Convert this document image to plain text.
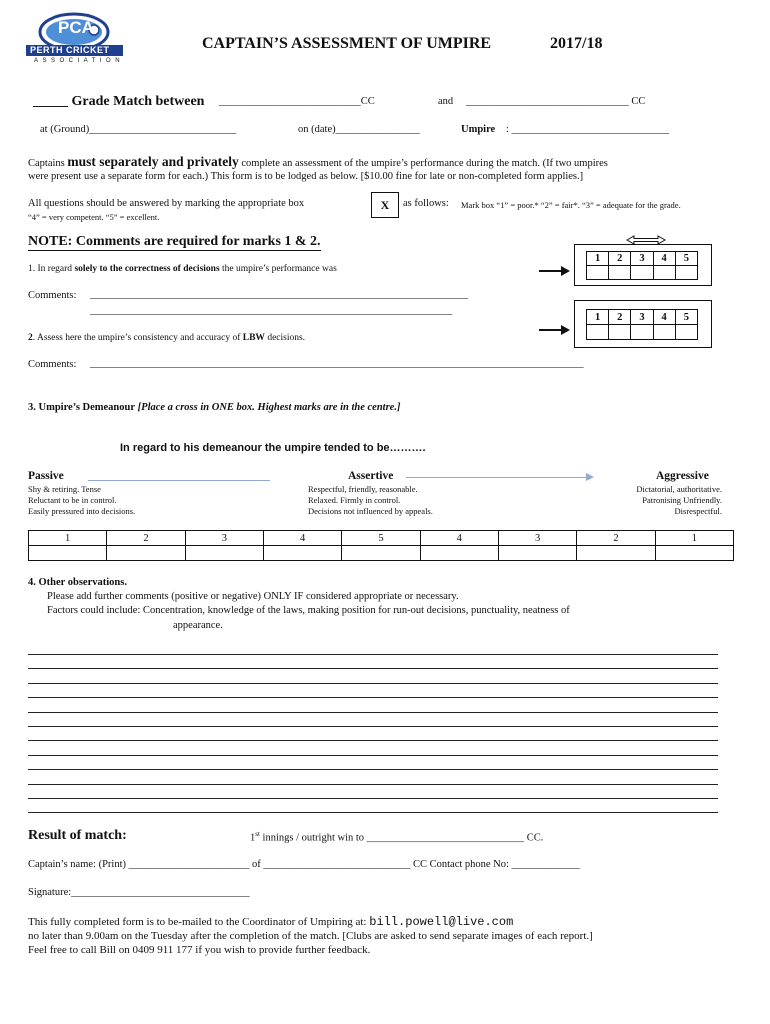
PCA
PERTH CRICKET
ASSOCIATION
CAPTAIN’S ASSESSMENT OF UMPIRE	2017/18
_____ Grade Match between ___________________________CC	and _______________________________ CC
at (Ground)____________________________	on (date)________________	Umpire : ______________________________
Captains must separately and privately complete an assessment of the umpire’s performance during the match. (If two umpires
were present use a separate form for each.) This form is to be lodged as below. [$10.00 fine for late or non-completed form applies.]
All questions should be answered by marking the appropriate box	X	as follows: Mark box “1” = poor.* “2” = fair*. “3” = adequate for the grade.
“4” = very competent. “5” = excellent.
NOTE: Comments are required for marks 1 & 2.
1. In regard solely to the correctness of decisions the umpire’s performance was
1	2	3	4	5

Comments: ________________________________________________________________________
_____________________________________________________________________
1	2	3	4	5

2. Assess here the umpire’s consistency and accuracy of LBW decisions.
Comments: ______________________________________________________________________________________________
3. Umpire’s Demeanour [Place a cross in ONE box. Highest marks are in the centre.]
In regard to his demeanour the umpire tended to be……….
Passive	Assertive	Aggressive
Shy & retiring. Tense
Reluctant to be in control.
Easily pressured into decisions.
Respectful, friendly, reasonable.
Relaxed. Firmly in control.
Decisions not influenced by appeals.
Dictatorial, authoritative.
Patronising Unfriendly.
Disrespectful.
1	2	3	4	5	4	3	2	1

4. Other observations.
Please add further comments (positive or negative) ONLY IF considered appropriate or necessary.
Factors could include: Concentration, knowledge of the laws, making position for run-out decisions, punctuality, neatness of
appearance.
Result of match:	1st innings / outright win to ______________________________ CC.
Captain’s name: (Print) _______________________ of ____________________________ CC Contact phone No: _____________
Signature:__________________________________
This fully completed form is to be-mailed to the Coordinator of Umpiring at: bill.powell@live.com
no later than 9.00am on the Tuesday after the completion of the match. [Clubs are asked to send separate images of each report.]
Feel free to call Bill on 0409 911 177 if you wish to provide further feedback.
